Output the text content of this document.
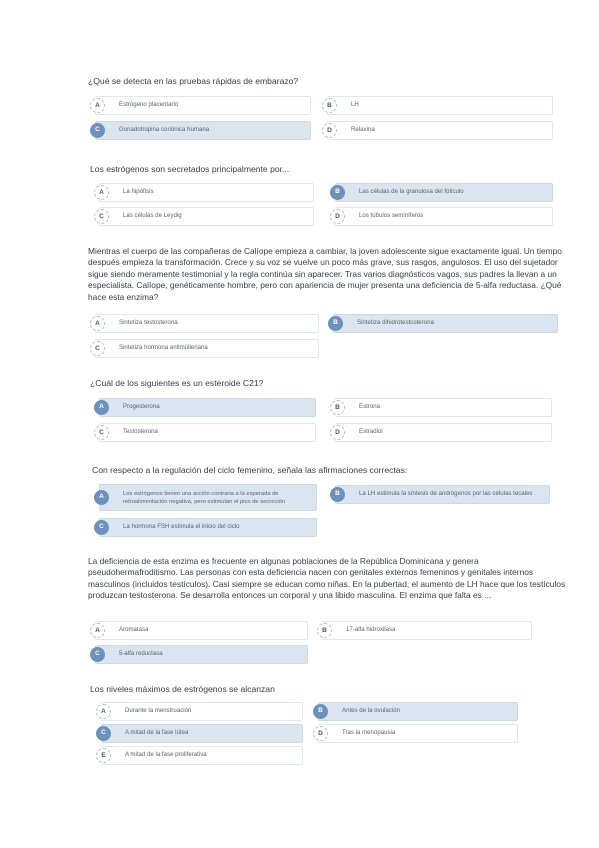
¿Qué se detecta en las pruebas rápidas de embarazo?
A	Estrógeno placentario	B	LH
C	Gonadotropina coriónica humana	D	Relaxina
Los estrógenos son secretados principalmente por...
A	La hipófisis	B	Las células de la granulosa del folículo
C	Las células de Leydig	D	Los túbulos seminíferos
Mientras el cuerpo de las compañeras de Calíope empieza a cambiar, la joven adolescente sigue exactamente igual. Un tiempo después empieza la transformación. Crece y su voz se vuelve un poco más grave, sus rasgos, angulosos. El uso del sujetador sigue siendo meramente testimonial y la regla continúa sin aparecer. Tras varios diagnósticos vagos, sus padres la llevan a un especialista. Calíope, genéticamente hombre, pero con apariencia de mujer presenta una deficiencia de 5-alfa reductasa. ¿Qué hace esta enzima?
A	Sintetiza testosterona	B	Sintetiza dihidrotestosterona
C	Sintetiza hormona antimülleriana
¿Cuál de los siguientes es un esteroide C21?
A	Progesterona	B	Estrona
C	Testosterona	D	Estradiol
Con respecto a la regulación del ciclo femenino, señala las afirmaciones correctas:
A	Los estrógenos tienen una acción contraria a la esperada de retroalimentación negativa, pero estimulan el pico de secreción
B	La LH estimula la síntesis de andrógenos por las células tecales
C	La hormona FSH estimula el inicio del ciclo
La deficiencia de esta enzima es frecuente en algunas poblaciones de la República Dominicana y genera pseudohermafroditismo. Las personas con esta deficiencia nacen con genitales externos femeninos y genitales internos masculinos (incluidos testículos). Casi siempre se educan como niñas. En la pubertad, el aumento de LH hace que los testículos produzcan testosterona. Se desarrolla entonces un corporal y una libido masculina. El enzima que falta es ...
A	Aromatasa	B	17-alfa hidroxilasa
C	5-alfa reductasa
Los niveles máximos de estrógenos se alcanzan
A	Durante la menstruación	B	Antes de la ovulación
C	A mitad de la fase lútea	D	Tras la menopausia
E	A mitad de la fase proliferativa
